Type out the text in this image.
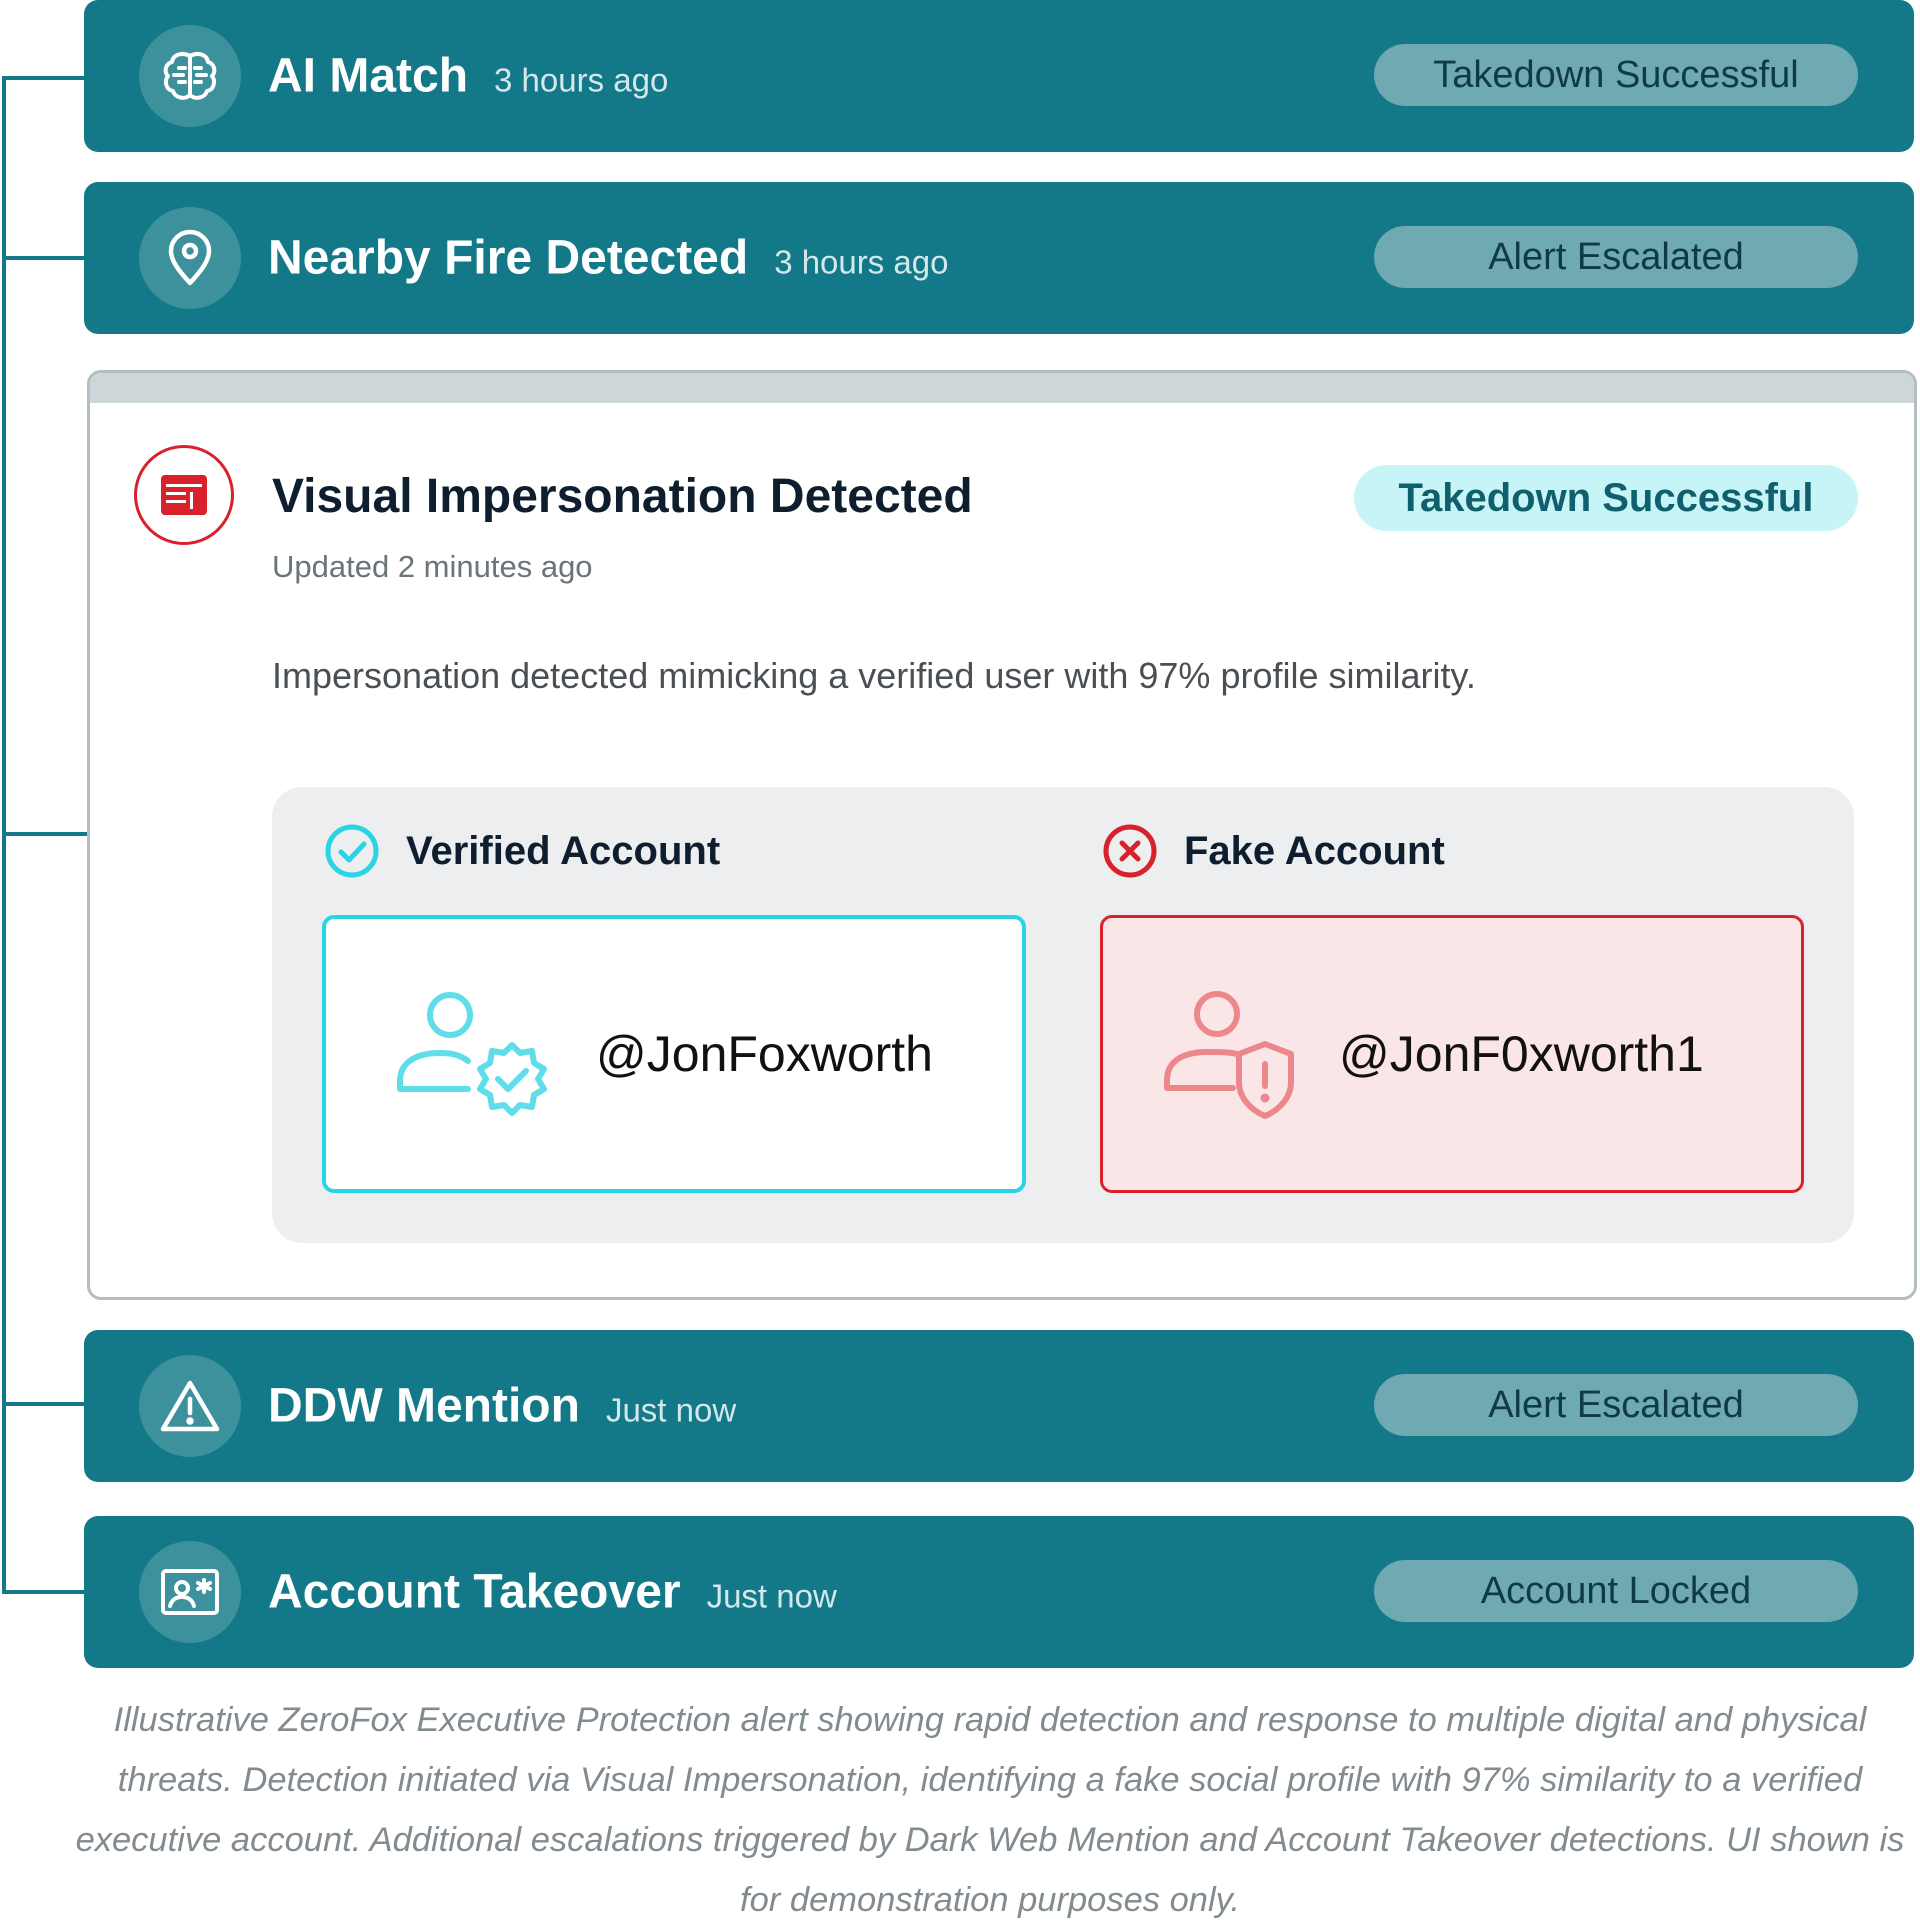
AI Match 3 hours ago	Takedown Successful
Nearby Fire Detected 3 hours ago	Alert Escalated
Visual Impersonation Detected
Updated 2 minutes ago
Takedown Successful
Impersonation detected mimicking a verified user with 97% profile similarity.
Verified Account
@JonFoxworth
Fake Account
@JonF0xworth1
DDW Mention Just now	Alert Escalated
Account Takeover Just now	Account Locked
Illustrative ZeroFox Executive Protection alert showing rapid detection and response to multiple digital and physical threats. Detection initiated via Visual Impersonation, identifying a fake social profile with 97% similarity to a verified executive account. Additional escalations triggered by Dark Web Mention and Account Takeover detections. UI shown is for demonstration purposes only.
